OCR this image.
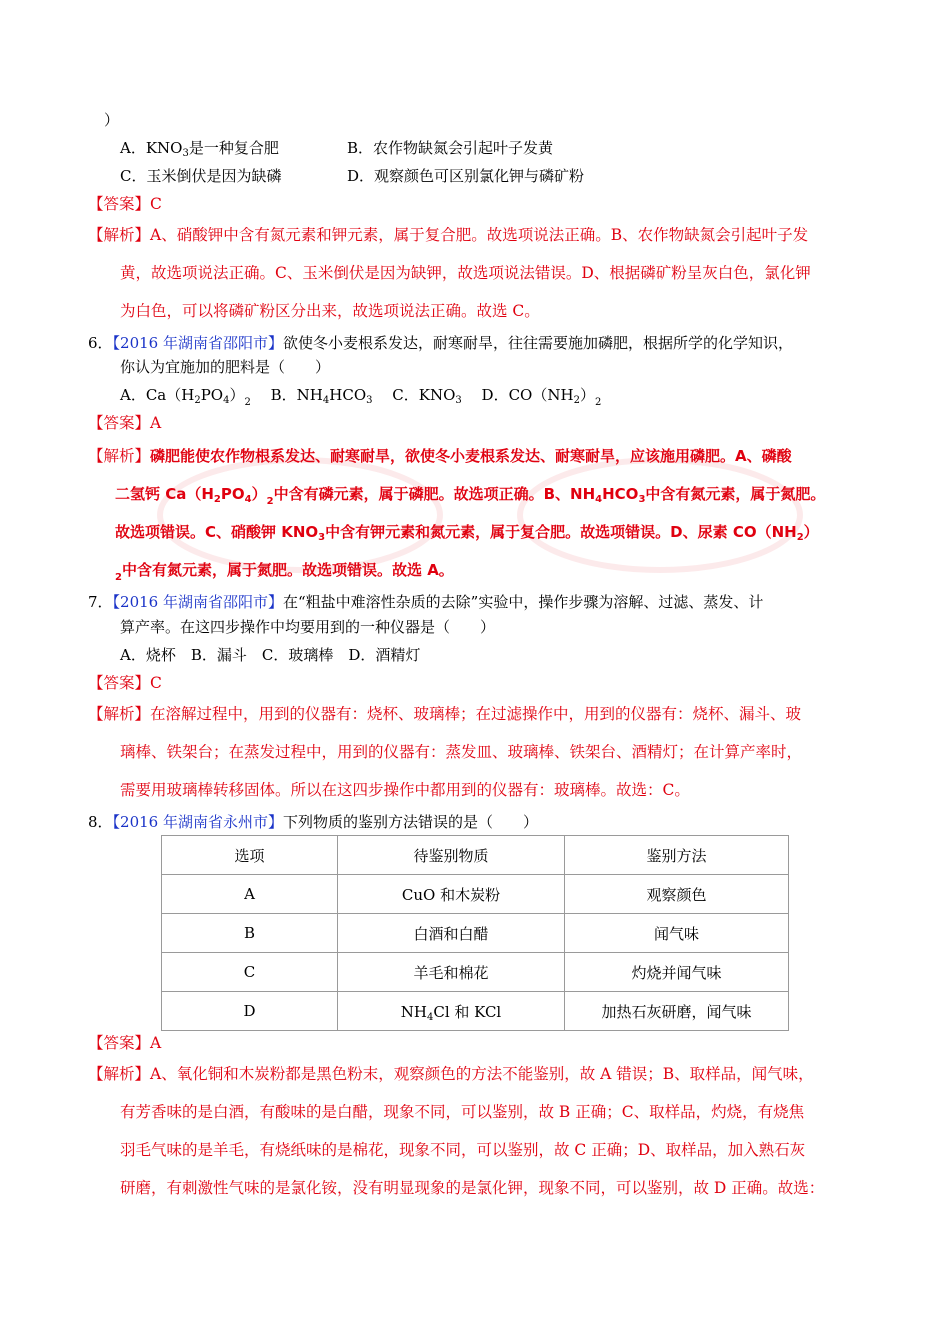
）
A．$KNO_3$是一种复合肥	B．农作物缺氮会引起叶子发黄
C．玉米倒伏是因为缺磷	D．观察颜色可区别氯化钾与磷矿粉
【答案】C
【解析】A、硝酸钾中含有氮元素和钾元素，属于复合肥。故选项说法正确。B、农作物缺氮会引起叶子发
黄，故选项说法正确。C、玉米倒伏是因为缺钾，故选项说法错误。D、根据磷矿粉呈灰白色，氯化钾
为白色，可以将磷矿粉区分出来，故选项说法正确。故选 C。
6．【2016 年湖南省邵阳市】欲使冬小麦根系发达，耐寒耐旱，往往需要施加磷肥，根据所学的化学知识，
你认为宜施加的肥料是（　　）
A．$Ca(H_2PO_4)_2$　 B．$NH_4HCO_3$　 C．$KNO_3$　 D．$CO(NH_2)_2$
【答案】A
【解析】磷肥能使农作物根系发达、耐寒耐旱，欲使冬小麦根系发达、耐寒耐旱，应该施用磷肥。A、磷酸
二氢钙 $Ca(H_2PO_4)_2$中含有磷元素，属于磷肥。故选项正确。B、$NH_4HCO_3$中含有氮元素，属于氮肥。
故选项错误。C、硝酸钾 $KNO_3$中含有钾元素和氮元素，属于复合肥。故选项错误。D、尿素 $CO(NH_2)$
$_2$中含有氮元素，属于氮肥。故选项错误。故选 A。
7．【2016 年湖南省邵阳市】在“粗盐中难溶性杂质的去除”实验中，操作步骤为溶解、过滤、蒸发、计
算产率。在这四步操作中均要用到的一种仪器是（　　）
A．烧杯　B．漏斗　C．玻璃棒　D．酒精灯
【答案】C
【解析】在溶解过程中，用到的仪器有：烧杯、玻璃棒；在过滤操作中，用到的仪器有：烧杯、漏斗、玻
璃棒、铁架台；在蒸发过程中，用到的仪器有：蒸发皿、玻璃棒、铁架台、酒精灯；在计算产率时，
需要用玻璃棒转移固体。所以在这四步操作中都用到的仪器有：玻璃棒。故选：C。
8．【2016 年湖南省永州市】下列物质的鉴别方法错误的是（　　）
选项	待鉴别物质	鉴别方法
A	CuO 和木炭粉	观察颜色
B	白酒和白醋	闻气味
C	羊毛和棉花	灼烧并闻气味
D	$NH_4Cl$ 和 KCl	加热石灰研磨，闻气味
【答案】A
【解析】A、氧化铜和木炭粉都是黑色粉末，观察颜色的方法不能鉴别，故 A 错误；B、取样品，闻气味，
有芳香味的是白酒，有酸味的是白醋，现象不同，可以鉴别，故 B 正确；C、取样品，灼烧，有烧焦
羽毛气味的是羊毛，有烧纸味的是棉花，现象不同，可以鉴别，故 C 正确；D、取样品，加入熟石灰
研磨，有刺激性气味的是氯化铵，没有明显现象的是氯化钾，现象不同，可以鉴别，故 D 正确。故选：
